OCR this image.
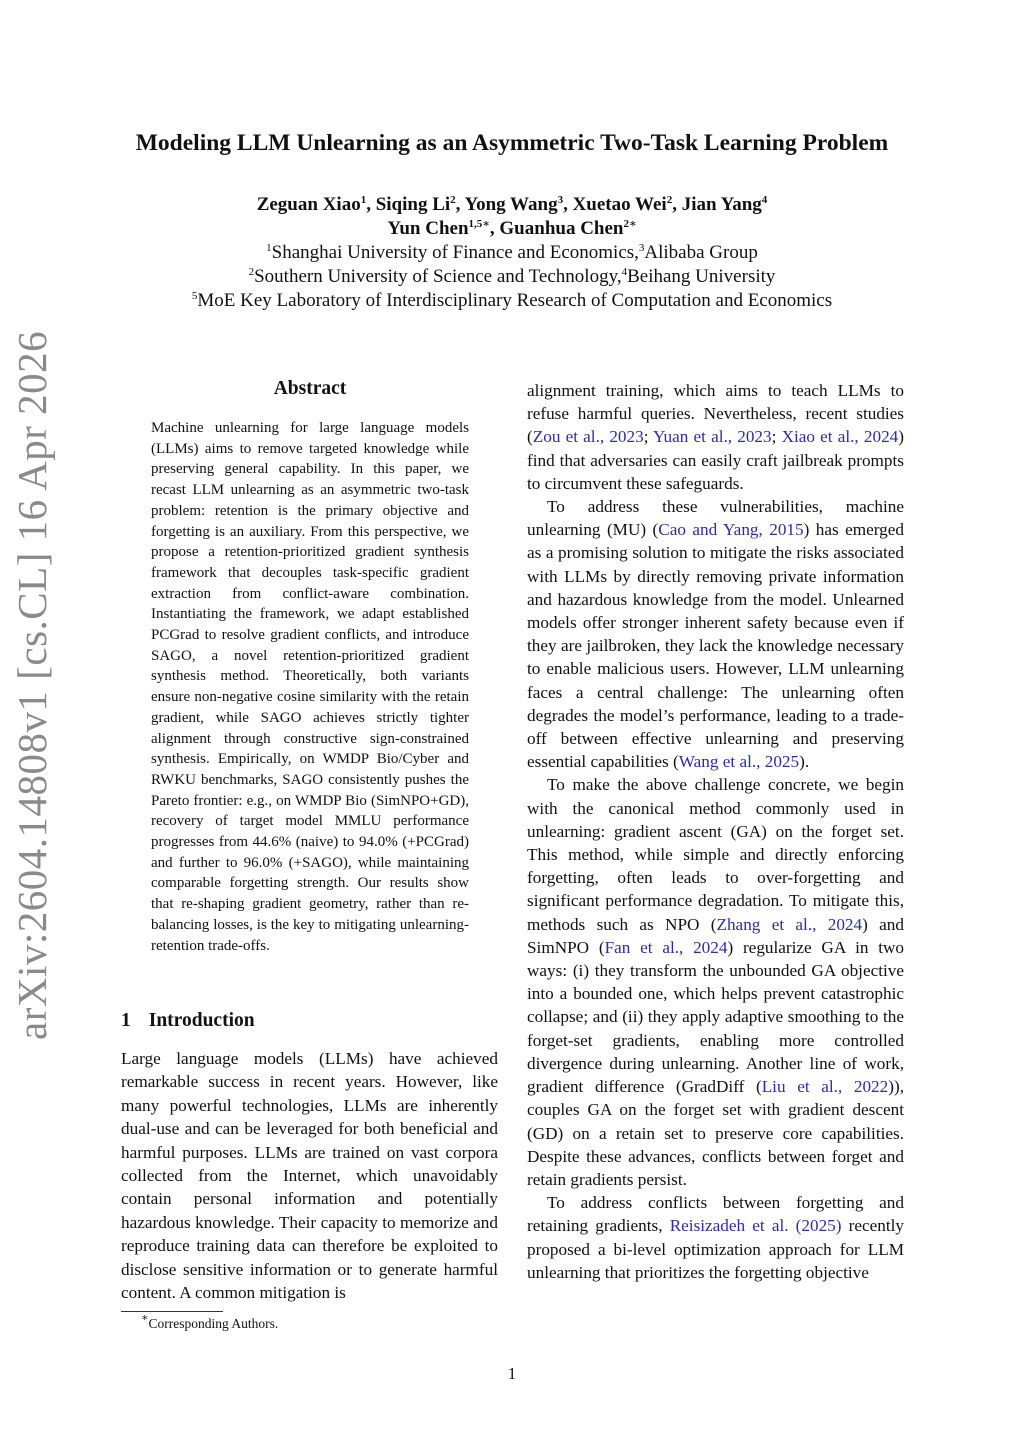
arXiv:2604.14808v1 [cs.CL] 16 Apr 2026
Modeling LLM Unlearning as an Asymmetric Two-Task Learning Problem
Zeguan Xiao$^1$, Siqing Li$^2$, Yong Wang$^3$, Xuetao Wei$^2$, Jian Yang$^4$
Yun Chen$^{1,5∗}$, Guanhua Chen$^{2∗}$
$^1$Shanghai University of Finance and Economics,$^3$Alibaba Group
$^2$Southern University of Science and Technology,$^4$Beihang University
$^5$MoE Key Laboratory of Interdisciplinary Research of Computation and Economics
Abstract

Machine unlearning for large language models (LLMs) aims to remove targeted knowledge while preserving general capability. In this paper, we recast LLM unlearning as an asymmetric two-task problem: retention is the primary objective and forgetting is an auxiliary. From this perspective, we propose a retention-prioritized gradient synthesis framework that decouples task-specific gradient extraction from conflict-aware combination. Instantiating the framework, we adapt established PCGrad to resolve gradient conflicts, and introduce SAGO, a novel retention-prioritized gradient synthesis method. Theoretically, both variants ensure non-negative cosine similarity with the retain gradient, while SAGO achieves strictly tighter alignment through constructive sign-constrained synthesis. Empirically, on WMDP Bio/Cyber and RWKU benchmarks, SAGO consistently pushes the Pareto frontier: e.g., on WMDP Bio (SimNPO+GD), recovery of target model MMLU performance progresses from 44.6% (naive) to 94.0% (+PCGrad) and further to 96.0% (+SAGO), while maintaining comparable forgetting strength. Our results show that re-shaping gradient geometry, rather than re-balancing losses, is the key to mitigating unlearning-retention trade-offs.

1 Introduction

Large language models (LLMs) have achieved remarkable success in recent years. However, like many powerful technologies, LLMs are inherently dual-use and can be leveraged for both beneficial and harmful purposes. LLMs are trained on vast corpora collected from the Internet, which unavoidably contain personal information and potentially hazardous knowledge. Their capacity to memorize and reproduce training data can therefore be exploited to disclose sensitive information or to generate harmful content. A common mitigation is

∗Corresponding Authors.

alignment training, which aims to teach LLMs to refuse harmful queries. Nevertheless, recent studies (Zou et al., 2023; Yuan et al., 2023; Xiao et al., 2024) find that adversaries can easily craft jailbreak prompts to circumvent these safeguards.

To address these vulnerabilities, machine unlearning (MU) (Cao and Yang, 2015) has emerged as a promising solution to mitigate the risks associated with LLMs by directly removing private information and hazardous knowledge from the model. Unlearned models offer stronger inherent safety because even if they are jailbroken, they lack the knowledge necessary to enable malicious users. However, LLM unlearning faces a central challenge: The unlearning often degrades the model’s performance, leading to a trade-off between effective unlearning and preserving essential capabilities (Wang et al., 2025).

To make the above challenge concrete, we begin with the canonical method commonly used in unlearning: gradient ascent (GA) on the forget set. This method, while simple and directly enforcing forgetting, often leads to over-forgetting and significant performance degradation. To mitigate this, methods such as NPO (Zhang et al., 2024) and SimNPO (Fan et al., 2024) regularize GA in two ways: (i) they transform the unbounded GA objective into a bounded one, which helps prevent catastrophic collapse; and (ii) they apply adaptive smoothing to the forget-set gradients, enabling more controlled divergence during unlearning. Another line of work, gradient difference (GradDiff (Liu et al., 2022)), couples GA on the forget set with gradient descent (GD) on a retain set to preserve core capabilities. Despite these advances, conflicts between forget and retain gradients persist.

To address conflicts between forgetting and retaining gradients, Reisizadeh et al. (2025) recently proposed a bi-level optimization approach for LLM unlearning that prioritizes the forgetting objective

1
